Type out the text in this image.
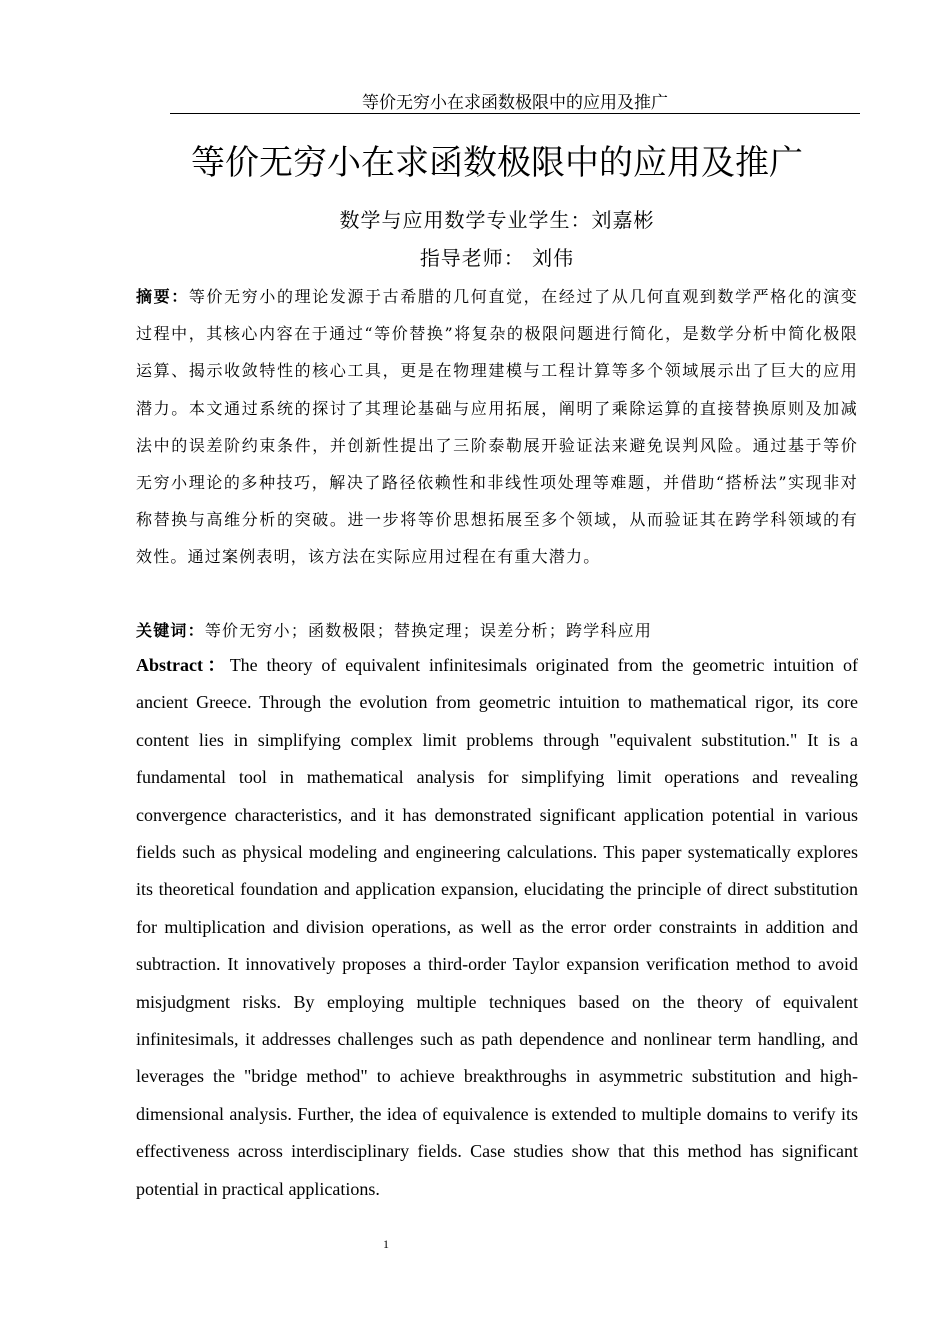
等价无穷小在求函数极限中的应用及推广
等价无穷小在求函数极限中的应用及推广
数学与应用数学专业学生：刘嘉彬
指导老师： 刘伟

摘要：等价无穷小的理论发源于古希腊的几何直觉，在经过了从几何直观到数学严格化的演变过程中，其核心内容在于通过“等价替换”将复杂的极限问题进行简化，是数学分析中简化极限运算、揭示收敛特性的核心工具，更是在物理建模与工程计算等多个领域展示出了巨大的应用潜力。本文通过系统的探讨了其理论基础与应用拓展，阐明了乘除运算的直接替换原则及加减法中的误差阶约束条件，并创新性提出了三阶泰勒展开验证法来避免误判风险。通过基于等价无穷小理论的多种技巧，解决了路径依赖性和非线性项处理等难题，并借助“搭桥法”实现非对称替换与高维分析的突破。进一步将等价思想拓展至多个领域，从而验证其在跨学科领域的有效性。通过案例表明，该方法在实际应用过程在有重大潜力。

关键词：等价无穷小；函数极限；替换定理；误差分析；跨学科应用

Abstract：The theory of equivalent infinitesimals originated from the geometric intuition of ancient Greece. Through the evolution from geometric intuition to mathematical rigor, its core content lies in simplifying complex limit problems through "equivalent substitution." It is a fundamental tool in mathematical analysis for simplifying limit operations and revealing convergence characteristics, and it has demonstrated significant application potential in various fields such as physical modeling and engineering calculations. This paper systematically explores its theoretical foundation and application expansion, elucidating the principle of direct substitution for multiplication and division operations, as well as the error order constraints in addition and subtraction. It innovatively proposes a third-order Taylor expansion verification method to avoid misjudgment risks. By employing multiple techniques based on the theory of equivalent infinitesimals, it addresses challenges such as path dependence and nonlinear term handling, and leverages the "bridge method" to achieve breakthroughs in asymmetric substitution and high-dimensional analysis. Further, the idea of equivalence is extended to multiple domains to verify its effectiveness across interdisciplinary fields. Case studies show that this method has significant potential in practical applications.

1
